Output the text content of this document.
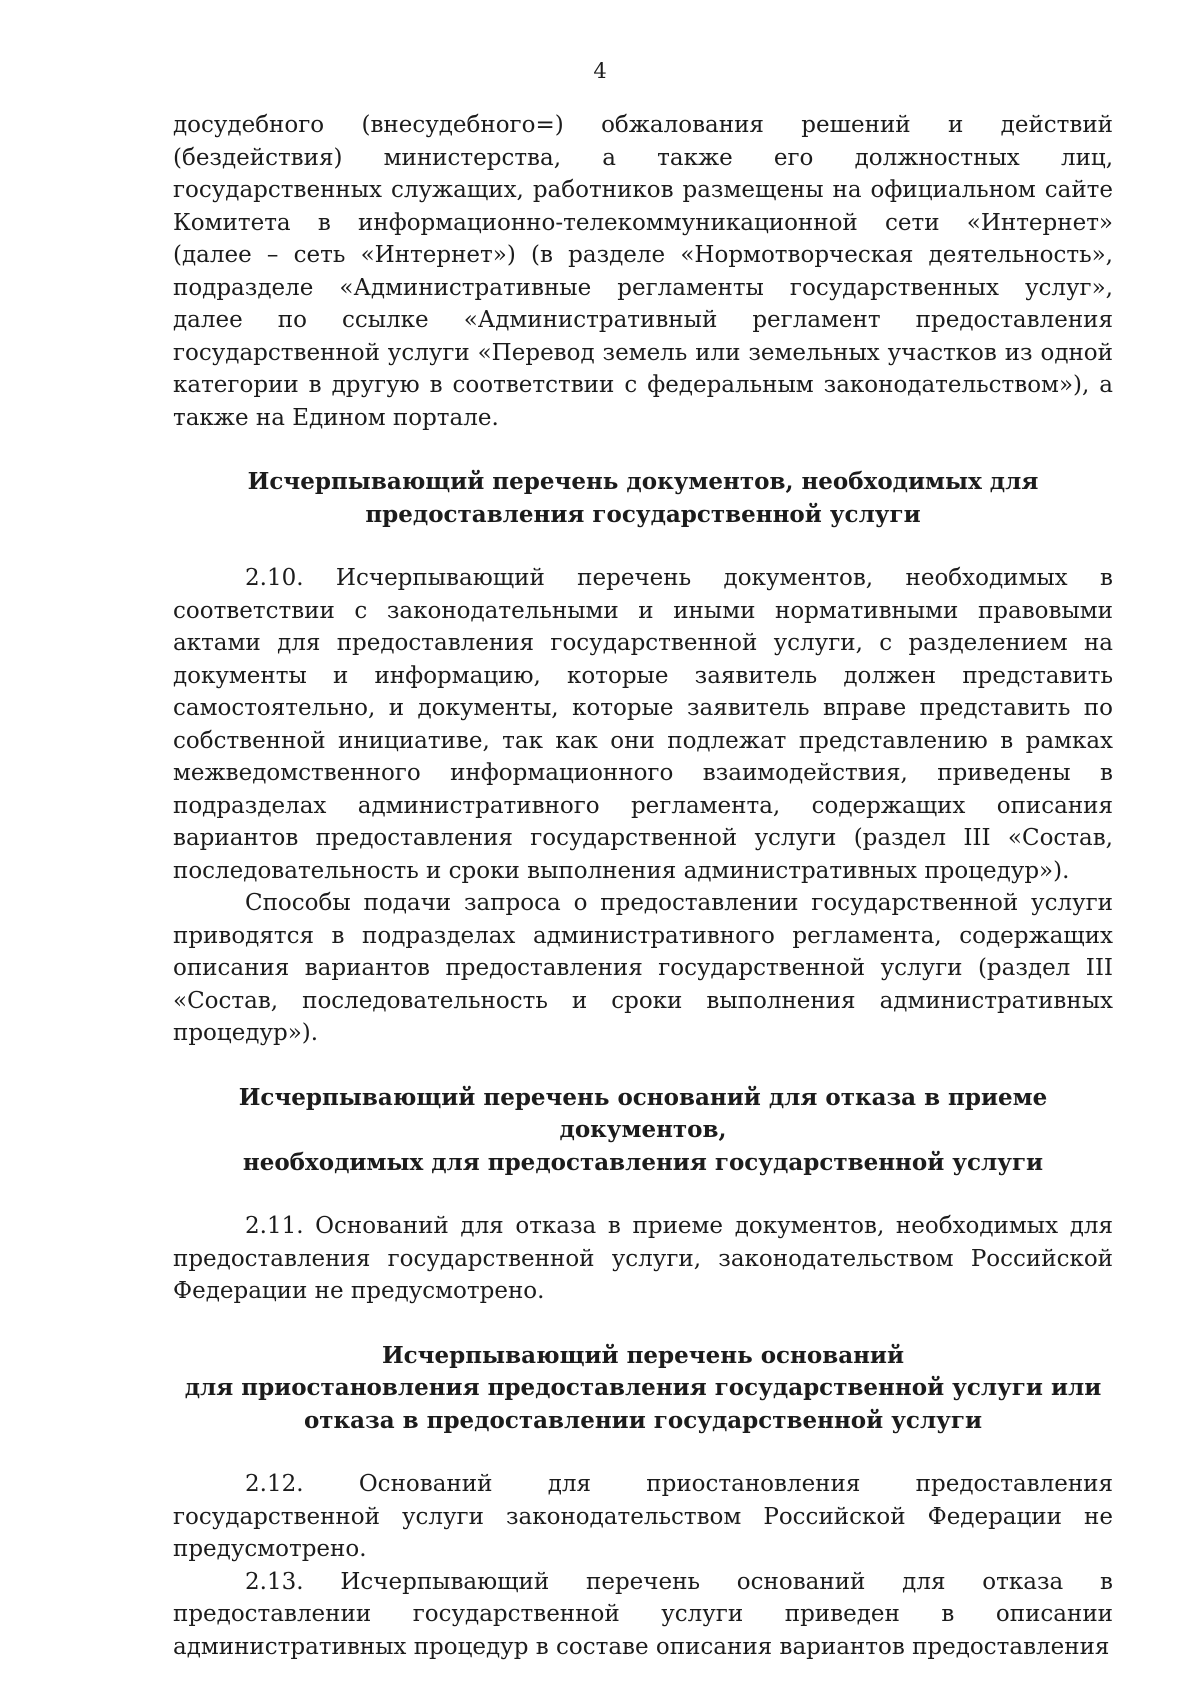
4

досудебного (внесудебного=) обжалования решений и действий (бездействия) министерства, а также его должностных лиц, государственных служащих, работников размещены на официальном сайте Комитета в информационно-телекоммуникационной сети «Интернет» (далее – сеть «Интернет») (в разделе «Нормотворческая деятельность», подразделе «Административные регламенты государственных услуг», далее по ссылке «Административный регламент предоставления государственной услуги «Перевод земель или земельных участков из одной категории в другую в соответствии с федеральным законодательством»), а также на Едином портале.

Исчерпывающий перечень документов, необходимых для
предоставления государственной услуги

2.10. Исчерпывающий перечень документов, необходимых в соответствии с законодательными и иными нормативными правовыми актами для предоставления государственной услуги, с разделением на документы и информацию, которые заявитель должен представить самостоятельно, и документы, которые заявитель вправе представить по собственной инициативе, так как они подлежат представлению в рамках межведомственного информационного взаимодействия, приведены в подразделах административного регламента, содержащих описания вариантов предоставления государственной услуги (раздел III «Состав, последовательность и сроки выполнения административных процедур»).

Способы подачи запроса о предоставлении государственной услуги приводятся в подразделах административного регламента, содержащих описания вариантов предоставления государственной услуги (раздел III «Состав, последовательность и сроки выполнения административных процедур»).

Исчерпывающий перечень оснований для отказа в приеме документов,
необходимых для предоставления государственной услуги

2.11. Оснований для отказа в приеме документов, необходимых для предоставления государственной услуги, законодательством Российской Федерации не предусмотрено.

Исчерпывающий перечень оснований
для приостановления предоставления государственной услуги или
отказа в предоставлении государственной услуги

2.12. Оснований для приостановления предоставления государственной услуги законодательством Российской Федерации не предусмотрено.

2.13. Исчерпывающий перечень оснований для отказа в предоставлении государственной услуги приведен в описании административных процедур в составе описания вариантов предоставления
